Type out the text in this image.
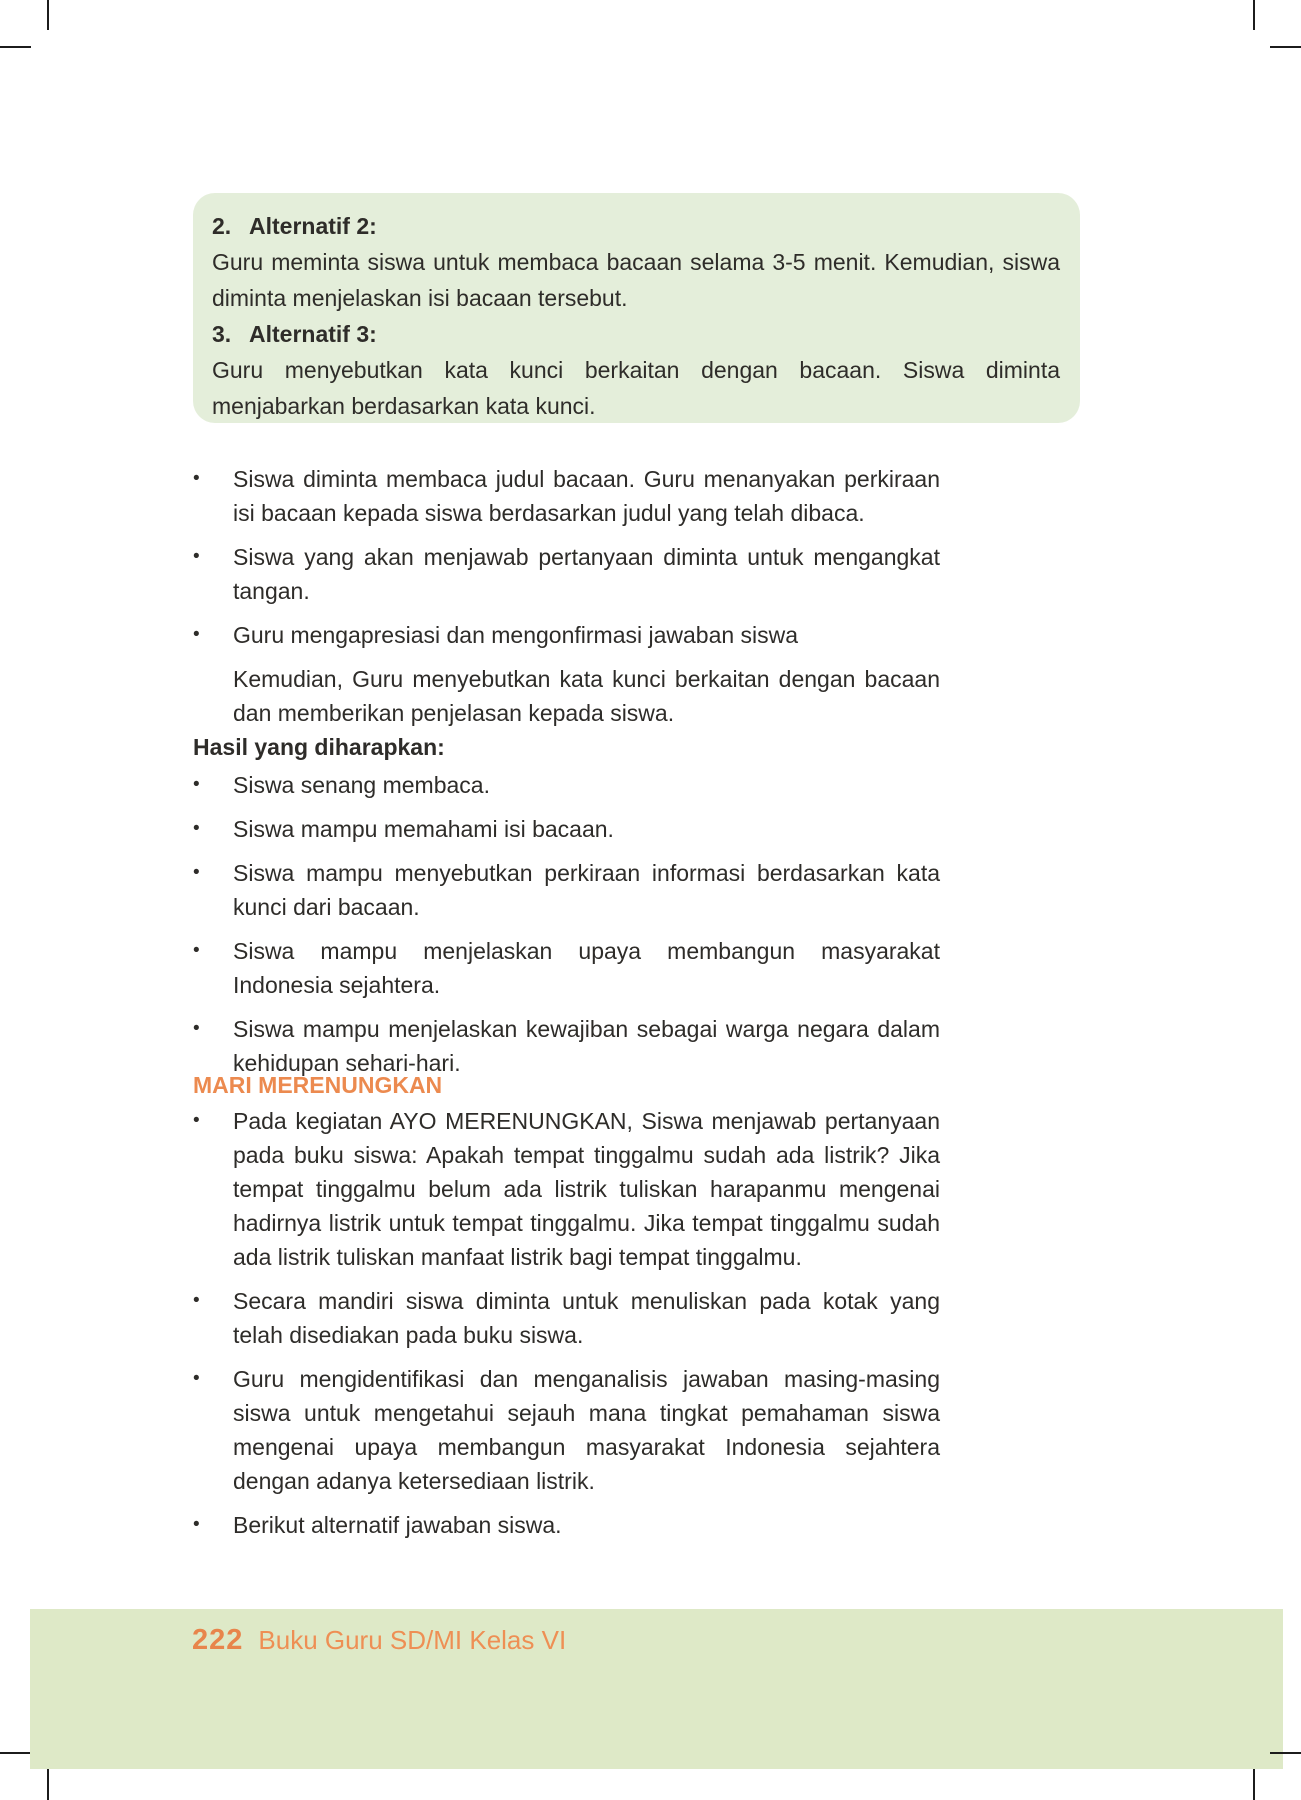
2. Alternatif 2:
Guru meminta siswa untuk membaca bacaan selama 3-5 menit. Kemudian, siswa diminta menjelaskan isi bacaan tersebut.
3. Alternatif 3:
Guru menyebutkan kata kunci berkaitan dengan bacaan. Siswa diminta menjabarkan berdasarkan kata kunci.
•	Siswa diminta membaca judul bacaan. Guru menanyakan perkiraan isi bacaan kepada siswa berdasarkan judul yang telah dibaca.
•	Siswa yang akan menjawab pertanyaan diminta untuk mengangkat tangan.
•	Guru mengapresiasi dan mengonfirmasi jawaban siswa
Kemudian, Guru menyebutkan kata kunci berkaitan dengan bacaan dan memberikan penjelasan kepada siswa.
Hasil yang diharapkan:
•	Siswa senang membaca.
•	Siswa mampu memahami isi bacaan.
•	Siswa mampu menyebutkan perkiraan informasi berdasarkan kata kunci dari bacaan.
•	Siswa mampu menjelaskan upaya membangun masyarakat Indonesia sejahtera.
•	Siswa mampu menjelaskan kewajiban sebagai warga negara dalam kehidupan sehari-hari.
MARI MERENUNGKAN
•	Pada kegiatan AYO MERENUNGKAN, Siswa menjawab pertanyaan pada buku siswa: Apakah tempat tinggalmu sudah ada listrik? Jika tempat tinggalmu belum ada listrik tuliskan harapanmu mengenai hadirnya listrik untuk tempat tinggalmu. Jika tempat tinggalmu sudah ada listrik tuliskan manfaat listrik bagi tempat tinggalmu.
•	Secara mandiri siswa diminta untuk menuliskan pada kotak yang telah disediakan pada buku siswa.
•	Guru mengidentifikasi dan menganalisis jawaban masing-masing siswa untuk mengetahui sejauh mana tingkat pemahaman siswa mengenai upaya membangun masyarakat Indonesia sejahtera dengan adanya ketersediaan listrik.
•	Berikut alternatif jawaban siswa.
222 Buku Guru SD/MI Kelas VI
